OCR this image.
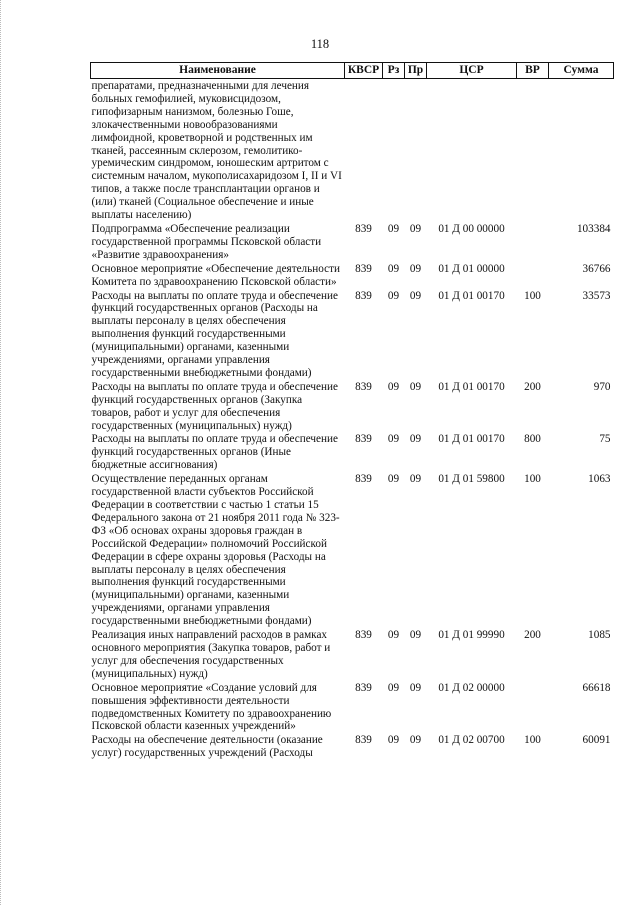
118
Наименование	КВСР	Рз	Пр	ЦСР	ВР	Сумма
препаратами, предназначенными для лечения больных гемофилией, муковисцидозом, гипофизарным нанизмом, болезнью Гоше, злокачественными новообразованиями лимфоидной, кроветворной и родственных им тканей, рассеянным склерозом, гемолитико-уремическим синдромом, юношеским артритом с системным началом, мукополисахаридозом I, II и VI типов, а также после трансплантации органов и (или) тканей (Социальное обеспечение и иные выплаты населению)						
Подпрограмма «Обеспечение реализации государственной программы Псковской области «Развитие здравоохранения»	839	09	09	01 Д 00 00000		103384
Основное мероприятие «Обеспечение деятельности Комитета по здравоохранению Псковской области»	839	09	09	01 Д 01 00000		36766
Расходы на выплаты по оплате труда и обеспечение функций государственных органов (Расходы на выплаты персоналу в целях обеспечения выполнения функций государственными (муниципальными) органами, казенными учреждениями, органами управления государственными внебюджетными фондами)	839	09	09	01 Д 01 00170	100	33573
Расходы на выплаты по оплате труда и обеспечение функций государственных органов (Закупка товаров, работ и услуг для обеспечения государственных (муниципальных) нужд)	839	09	09	01 Д 01 00170	200	970
Расходы на выплаты по оплате труда и обеспечение функций государственных органов (Иные бюджетные ассигнования)	839	09	09	01 Д 01 00170	800	75
Осуществление переданных органам государственной власти субъектов Российской Федерации в соответствии с частью 1 статьи 15 Федерального закона от 21 ноября 2011 года № 323-ФЗ «Об основах охраны здоровья граждан в Российской Федерации» полномочий Российской Федерации в сфере охраны здоровья (Расходы на выплаты персоналу в целях обеспечения выполнения функций государственными (муниципальными) органами, казенными учреждениями, органами управления государственными внебюджетными фондами)	839	09	09	01 Д 01 59800	100	1063
Реализация иных направлений расходов в рамках основного мероприятия (Закупка товаров, работ и услуг для обеспечения государственных (муниципальных) нужд)	839	09	09	01 Д 01 99990	200	1085
Основное мероприятие «Создание условий для повышения эффективности деятельности подведомственных Комитету по здравоохранению Псковской области казенных учреждений»	839	09	09	01 Д 02 00000		66618
Расходы на обеспечение деятельности (оказание услуг) государственных учреждений (Расходы	839	09	09	01 Д 02 00700	100	60091
